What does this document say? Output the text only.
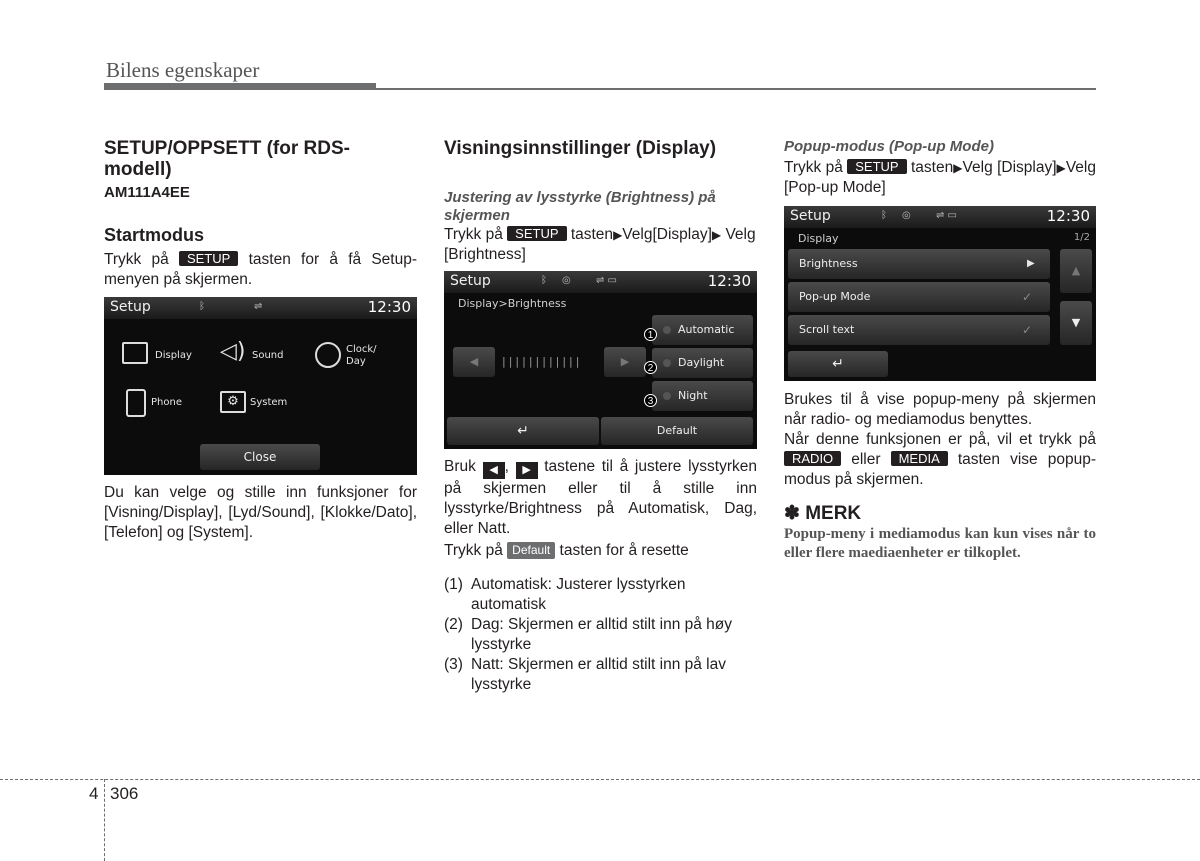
Bilens egenskaper
SETUP/OPPSETT (for RDS-modell)
AM111A4EE
Startmodus

Trykk på SETUP tasten for å få Setup-menyen på skjermen.

Setup	ᛒ	⇌	12:30
Display ◁) Sound
Clock/ Day
Phone	⚙	System
Close

Du kan velge og stille inn funksjoner for [Visning/Display], [Lyd/Sound], [Klokke/Dato], [Telefon] og [System].

Visningsinnstillinger (Display)
Justering av lysstyrke (Brightness) på skjermen

Trykk på SETUP tasten▶Velg[Display]▶ Velg [Brightness]

Setup	ᛒ ◎	⇌ ▭	12:30
Display>Brightness
◀	||||||||||||	▶
Automatic
Daylight
Night
1
2
3
↵	Default

Bruk ◀ , ▶ tastene til å justere lysstyrken på skjermen eller til å stille inn lysstyrke/Brightness på Automatisk, Dag, eller Natt.

Trykk på Default tasten for å resette

(1) Automatisk: Justerer lysstyrken automatisk
(2) Dag: Skjermen er alltid stilt inn på høy lysstyrke
(3) Natt: Skjermen er alltid stilt inn på lav lysstyrke
Popup-modus (Pop-up Mode)

Trykk på SETUP tasten▶Velg [Display]▶Velg [Pop-up Mode]

Setup	ᛒ ◎	⇌ ▭	12:30
Display	1/2
Brightness	▶
Pop-up Mode	✓
Scroll text	✓
▲
▼
↵

Brukes til å vise popup-meny på skjermen når radio- og mediamodus benyttes.

Når denne funksjonen er på, vil et trykk på RADIO eller MEDIA tasten vise popup-modus på skjermen.

✽ MERK
Popup-meny i mediamodus kan kun vises når to eller flere maediaenheter er tilkoplet.
4 306
